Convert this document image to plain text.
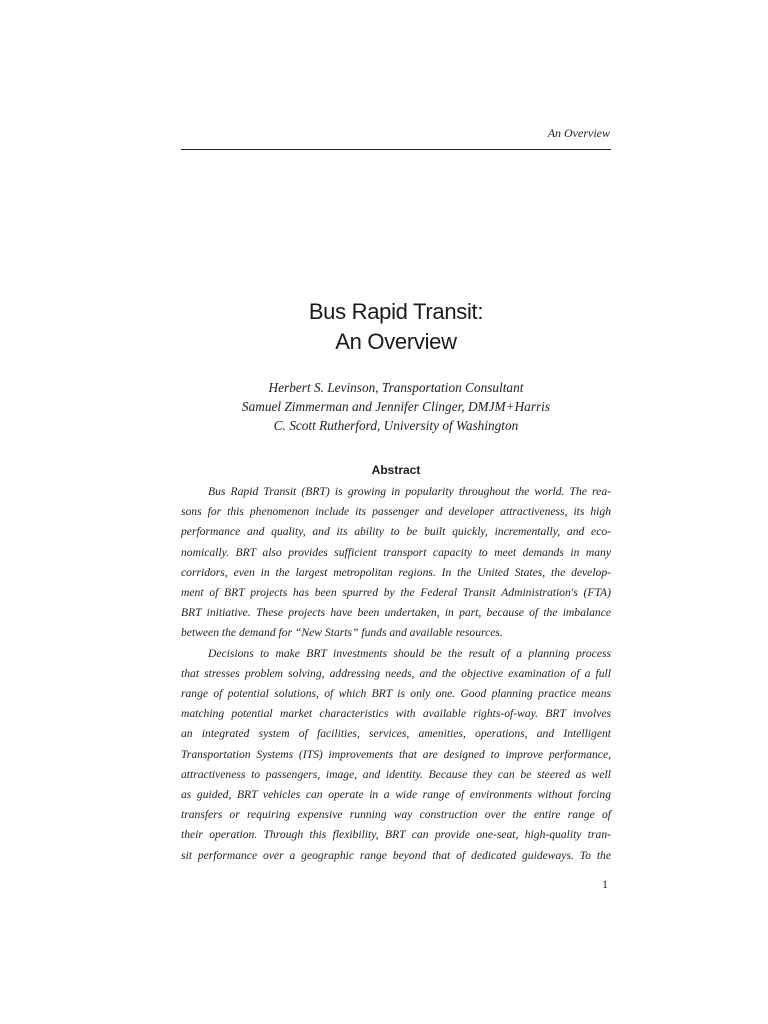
An Overview
Bus Rapid Transit:
An Overview
Herbert S. Levinson, Transportation Consultant
Samuel Zimmerman and Jennifer Clinger, DMJM+Harris
C. Scott Rutherford, University of Washington
Abstract
Bus Rapid Transit (BRT) is growing in popularity throughout the world. The rea-
sons for this phenomenon include its passenger and developer attractiveness, its high
performance and quality, and its ability to be built quickly, incrementally, and eco-
nomically. BRT also provides sufficient transport capacity to meet demands in many
corridors, even in the largest metropolitan regions. In the United States, the develop-
ment of BRT projects has been spurred by the Federal Transit Administration's (FTA)
BRT initiative. These projects have been undertaken, in part, because of the imbalance
between the demand for “New Starts” funds and available resources.
Decisions to make BRT investments should be the result of a planning process
that stresses problem solving, addressing needs, and the objective examination of a full
range of potential solutions, of which BRT is only one. Good planning practice means
matching potential market characteristics with available rights-of-way. BRT involves
an integrated system of facilities, services, amenities, operations, and Intelligent
Transportation Systems (ITS) improvements that are designed to improve performance,
attractiveness to passengers, image, and identity. Because they can be steered as well
as guided, BRT vehicles can operate in a wide range of environments without forcing
transfers or requiring expensive running way construction over the entire range of
their operation. Through this flexibility, BRT can provide one-seat, high-quality tran-
sit performance over a geographic range beyond that of dedicated guideways. To the
1
